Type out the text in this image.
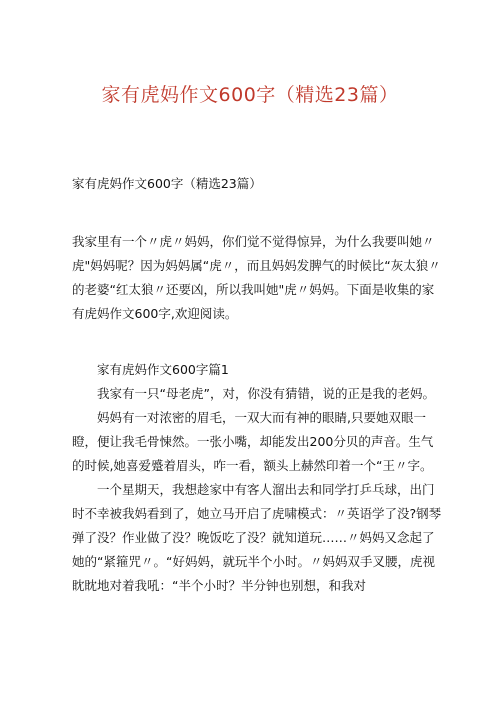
家有虎妈作文600字（精选23篇）

家有虎妈作文600字（精选23篇）

我家里有一个〃虎〃妈妈，你们觉不觉得惊异，为什么我要叫她〃虎"妈妈呢？因为妈妈属“虎〃，而且妈妈发脾气的时候比“灰太狼〃的老婆“红太狼〃还要凶，所以我叫她"虎〃妈妈。下面是收集的家有虎妈作文600字,欢迎阅读。

家有虎妈作文600字篇1

我家有一只“母老虎”，对，你没有猜错，说的正是我的老妈。

妈妈有一对浓密的眉毛，一双大而有神的眼睛,只要她双眼一瞪，便让我毛骨悚然。一张小嘴，却能发出200分贝的声音。生气的时候,她喜爱蹙着眉头，咋一看，额头上赫然印着一个“王〃字。

一个星期天，我想趁家中有客人溜出去和同学打乒乓球，出门时不幸被我妈看到了，她立马开启了虎啸模式：〃英语学了没?钢琴弹了没？作业做了没？晚饭吃了没？就知道玩……〃妈妈又念起了她的“紧箍咒〃。“好妈妈，就玩半个小时。〃妈妈双手叉腰，虎视眈眈地对着我吼：“半个小时？半分钟也别想，和我对
